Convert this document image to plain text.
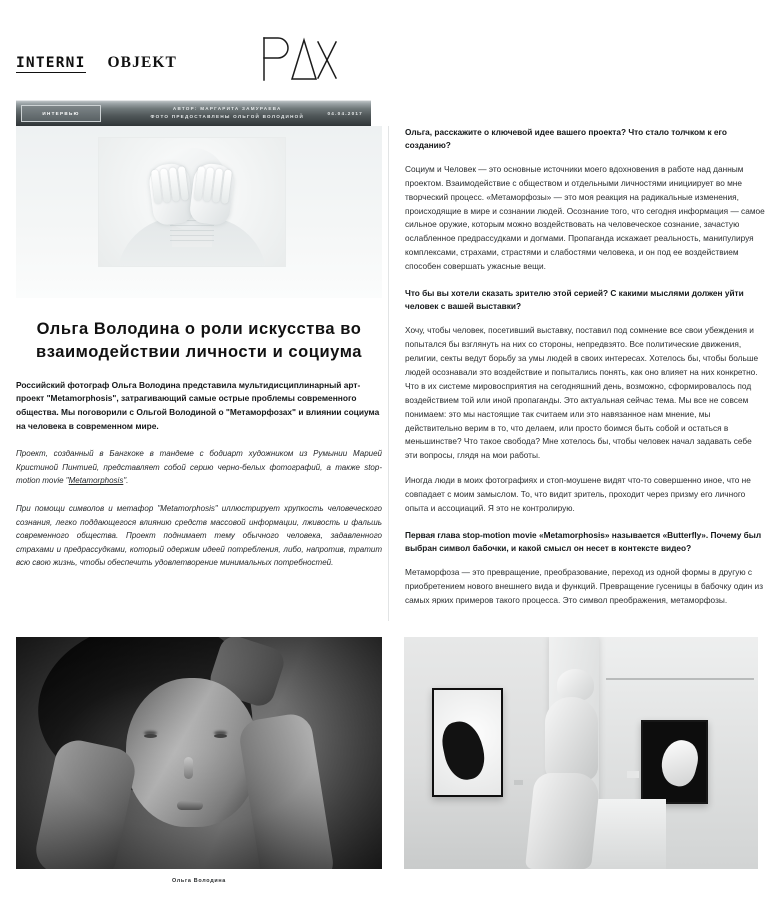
INTERNI OBJEKT
ИНТЕРВЬЮ
АВТОР: МАРГАРИТА ЗАМУРАЕВА
ФОТО ПРЕДОСТАВЛЕНЫ ОЛЬГОЙ ВОЛОДИНОЙ
04.04.2017
Ольга Володина о роли искусства во взаимодействии личности и социума

Российский фотограф Ольга Володина представила мультидисциплинарный арт-проект "Metamorphosis", затрагивающий самые острые проблемы современного общества. Мы поговорили с Ольгой Володиной о "Метаморфозах" и влиянии социума на человека в современном мире.

Проект, созданный в Бангкоке в тандеме с бодиарт художником из Румынии Марией Кристиной Пинтией, представляет собой серию черно-белых фотографий, а также stop-motion movie "Metamorphosis".

При помощи символов и метафор "Metamorphosis" иллюстрирует хрупкость человеческого сознания, легко поддающегося влиянию средств массовой информации, лживость и фальшь современного общества. Проект поднимает тему обычного человека, задавленного страхами и предрассудками, который одержим идеей потребления, либо, напротив, тратит всю свою жизнь, чтобы обеспечить удовлетворение минимальных потребностей.

Ольга, расскажите о ключевой идее вашего проекта? Что стало толчком к его созданию?

Социум и Человек — это основные источники моего вдохновения в работе над данным проектом. Взаимодействие с обществом и отдельными личностями инициирует во мне творческий процесс. «Метаморфозы» — это моя реакция на радикальные изменения, происходящие в мире и сознании людей. Осознание того, что сегодня информация — самое сильное оружие, которым можно воздействовать на человеческое сознание, зачастую ослабленное предрассудками и догмами. Пропаганда искажает реальность, манипулируя комплексами, страхами, страстями и слабостями человека, и он под ее воздействием способен совершать ужасные вещи.

Что бы вы хотели сказать зрителю этой серией? С какими мыслями должен уйти человек с вашей выставки?

Хочу, чтобы человек, посетивший выставку, поставил под сомнение все свои убеждения и попытался бы взглянуть на них со стороны, непредвзято. Все политические движения, религии, секты ведут борьбу за умы людей в своих интересах. Хотелось бы, чтобы больше людей осознавали это воздействие и попытались понять, как оно влияет на них конкретно. Что в их системе мировосприятия на сегодняшний день, возможно, сформировалось под воздействием той или иной пропаганды. Это актуальная сейчас тема. Мы все не совсем понимаем: это мы настоящие так считаем или это навязанное нам мнение, мы действительно верим в то, что делаем, или просто боимся быть собой и остаться в меньшинстве? Что такое свобода? Мне хотелось бы, чтобы человек начал задавать себе эти вопросы, глядя на мои работы.

Иногда люди в моих фотографиях и стоп-моушене видят что-то совершенно иное, что не совпадает с моим замыслом. То, что видит зритель, проходит через призму его личного опыта и ассоциаций. Я это не контролирую.

Первая глава stop-motion movie «Metamorphosis» называется «Butterfly». Почему был выбран символ бабочки, и какой смысл он несет в контексте видео?

Метаморфоза — это превращение, преобразование, переход из одной формы в другую с приобретением нового внешнего вида и функций. Превращение гусеницы в бабочку один из самых ярких примеров такого процесса. Это символ преображения, метаморфозы.

Ольга Володина
